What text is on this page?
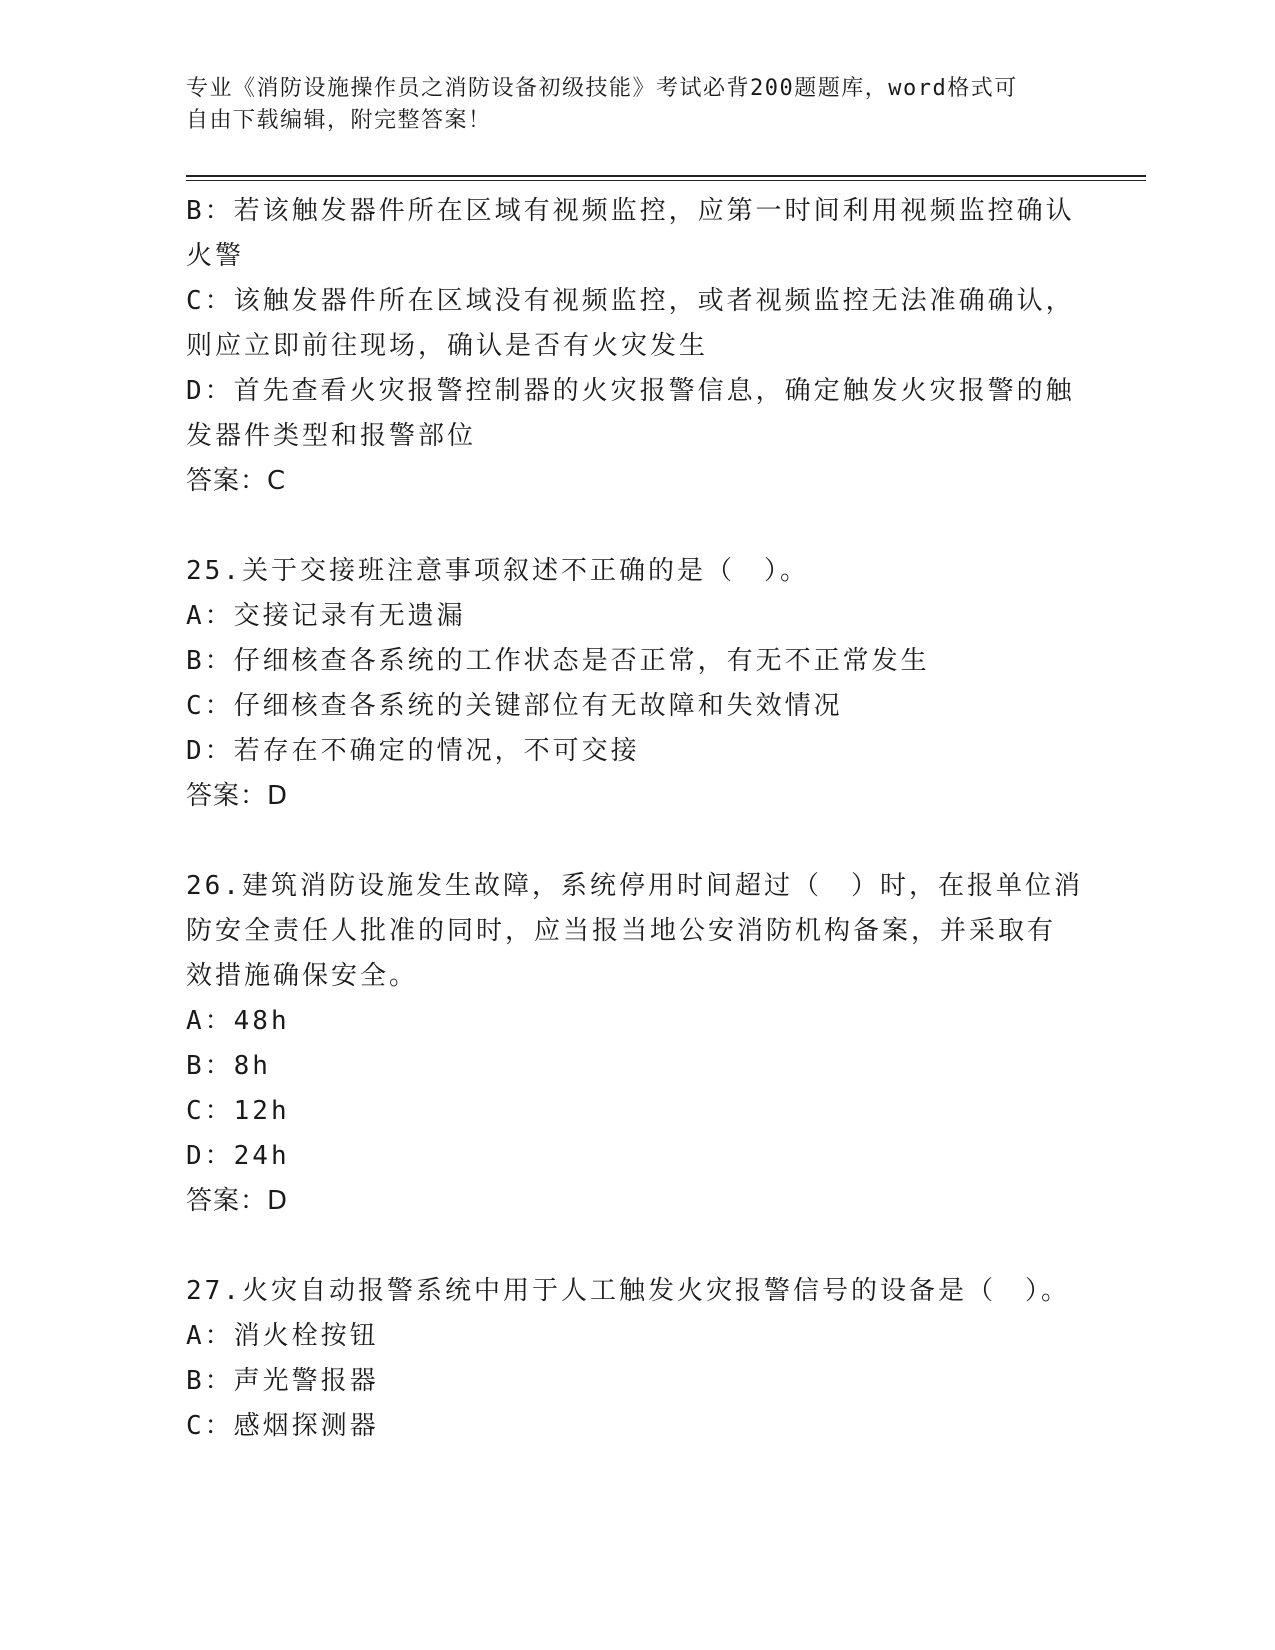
专业《消防设施操作员之消防设备初级技能》考试必背200题题库，word格式可
自由下载编辑，附完整答案！
B：若该触发器件所在区域有视频监控，应第一时间利用视频监控确认
火警
C：该触发器件所在区域没有视频监控，或者视频监控无法准确确认，
则应立即前往现场，确认是否有火灾发生
D：首先查看火灾报警控制器的火灾报警信息，确定触发火灾报警的触
发器件类型和报警部位
答案：C
25.关于交接班注意事项叙述不正确的是（　）。
A：交接记录有无遗漏
B：仔细核查各系统的工作状态是否正常，有无不正常发生
C：仔细核查各系统的关键部位有无故障和失效情况
D：若存在不确定的情况，不可交接
答案：D
26.建筑消防设施发生故障，系统停用时间超过（　）时，在报单位消
防安全责任人批准的同时，应当报当地公安消防机构备案，并采取有
效措施确保安全。
A：48h
B：8h
C：12h
D：24h
答案：D
27.火灾自动报警系统中用于人工触发火灾报警信号的设备是（　）。
A：消火栓按钮
B：声光警报器
C：感烟探测器
